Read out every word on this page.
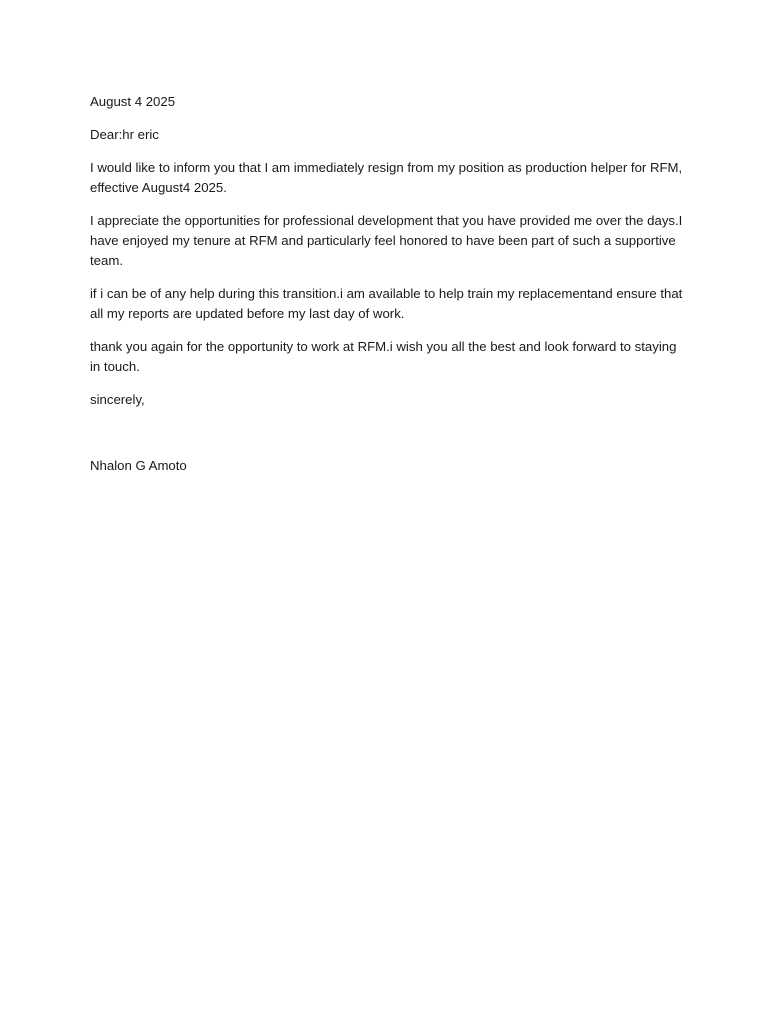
August 4 2025

Dear:hr eric

I would like to inform you that I am immediately resign from my position as production helper for RFM, effective August4 2025.

I appreciate the opportunities for professional development that you have provided me over the days.I have enjoyed my tenure at RFM and particularly feel honored to have been part of such a supportive team.

if i can be of any help during this transition.i am available to help train my replacementand ensure that all my reports are updated before my last day of work.

thank you again for the opportunity to work at RFM.i wish you all the best and look forward to staying in touch.

sincerely,

Nhalon G Amoto
